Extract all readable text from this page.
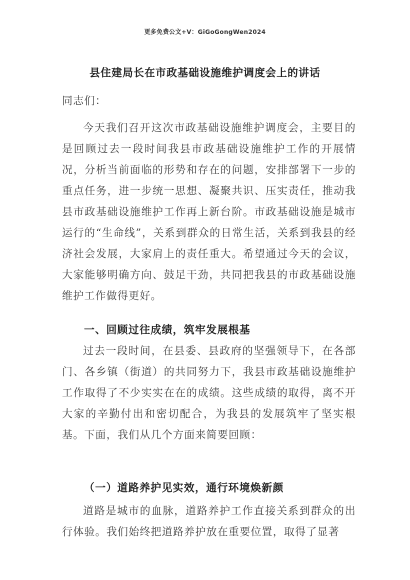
更多免费公文+V：GiGoGongWen2024
县住建局长在市政基础设施维护调度会上的讲话
同志们：

今天我们召开这次市政基础设施维护调度会，主要目的是回顾过去一段时间我县市政基础设施维护工作的开展情况，分析当前面临的形势和存在的问题，安排部署下一步的重点任务，进一步统一思想、凝聚共识、压实责任，推动我县市政基础设施维护工作再上新台阶。市政基础设施是城市运行的“生命线”，关系到群众的日常生活，关系到我县的经济社会发展，大家肩上的责任重大。希望通过今天的会议，大家能够明确方向、鼓足干劲，共同把我县的市政基础设施维护工作做得更好。

一、回顾过往成绩，筑牢发展根基

过去一段时间，在县委、县政府的坚强领导下，在各部门、各乡镇（街道）的共同努力下，我县市政基础设施维护工作取得了不少实实在在的成绩。这些成绩的取得，离不开大家的辛勤付出和密切配合，为我县的发展筑牢了坚实根基。下面，我们从几个方面来简要回顾：

（一）道路养护见实效，通行环境焕新颜

道路是城市的血脉，道路养护工作直接关系到群众的出行体验。我们始终把道路养护放在重要位置，取得了显著
